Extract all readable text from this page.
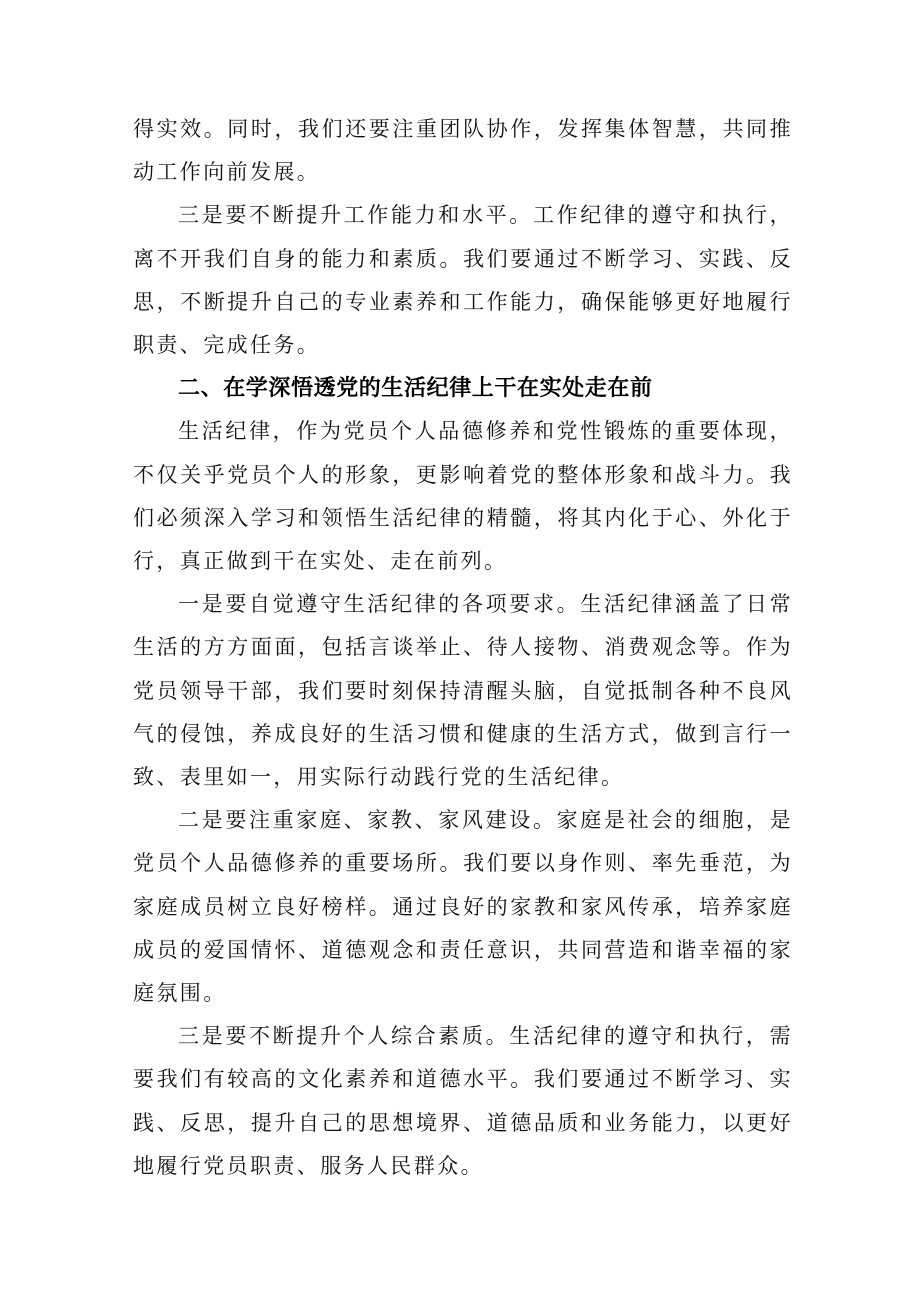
得实效。同时，我们还要注重团队协作，发挥集体智慧，共同推动工作向前发展。

三是要不断提升工作能力和水平。工作纪律的遵守和执行，离不开我们自身的能力和素质。我们要通过不断学习、实践、反思，不断提升自己的专业素养和工作能力，确保能够更好地履行职责、完成任务。

二、在学深悟透党的生活纪律上干在实处走在前

生活纪律，作为党员个人品德修养和党性锻炼的重要体现，不仅关乎党员个人的形象，更影响着党的整体形象和战斗力。我们必须深入学习和领悟生活纪律的精髓，将其内化于心、外化于行，真正做到干在实处、走在前列。

一是要自觉遵守生活纪律的各项要求。生活纪律涵盖了日常生活的方方面面，包括言谈举止、待人接物、消费观念等。作为党员领导干部，我们要时刻保持清醒头脑，自觉抵制各种不良风气的侵蚀，养成良好的生活习惯和健康的生活方式，做到言行一致、表里如一，用实际行动践行党的生活纪律。

二是要注重家庭、家教、家风建设。家庭是社会的细胞，是党员个人品德修养的重要场所。我们要以身作则、率先垂范，为家庭成员树立良好榜样。通过良好的家教和家风传承，培养家庭成员的爱国情怀、道德观念和责任意识，共同营造和谐幸福的家庭氛围。

三是要不断提升个人综合素质。生活纪律的遵守和执行，需要我们有较高的文化素养和道德水平。我们要通过不断学习、实践、反思，提升自己的思想境界、道德品质和业务能力，以更好地履行党员职责、服务人民群众。
